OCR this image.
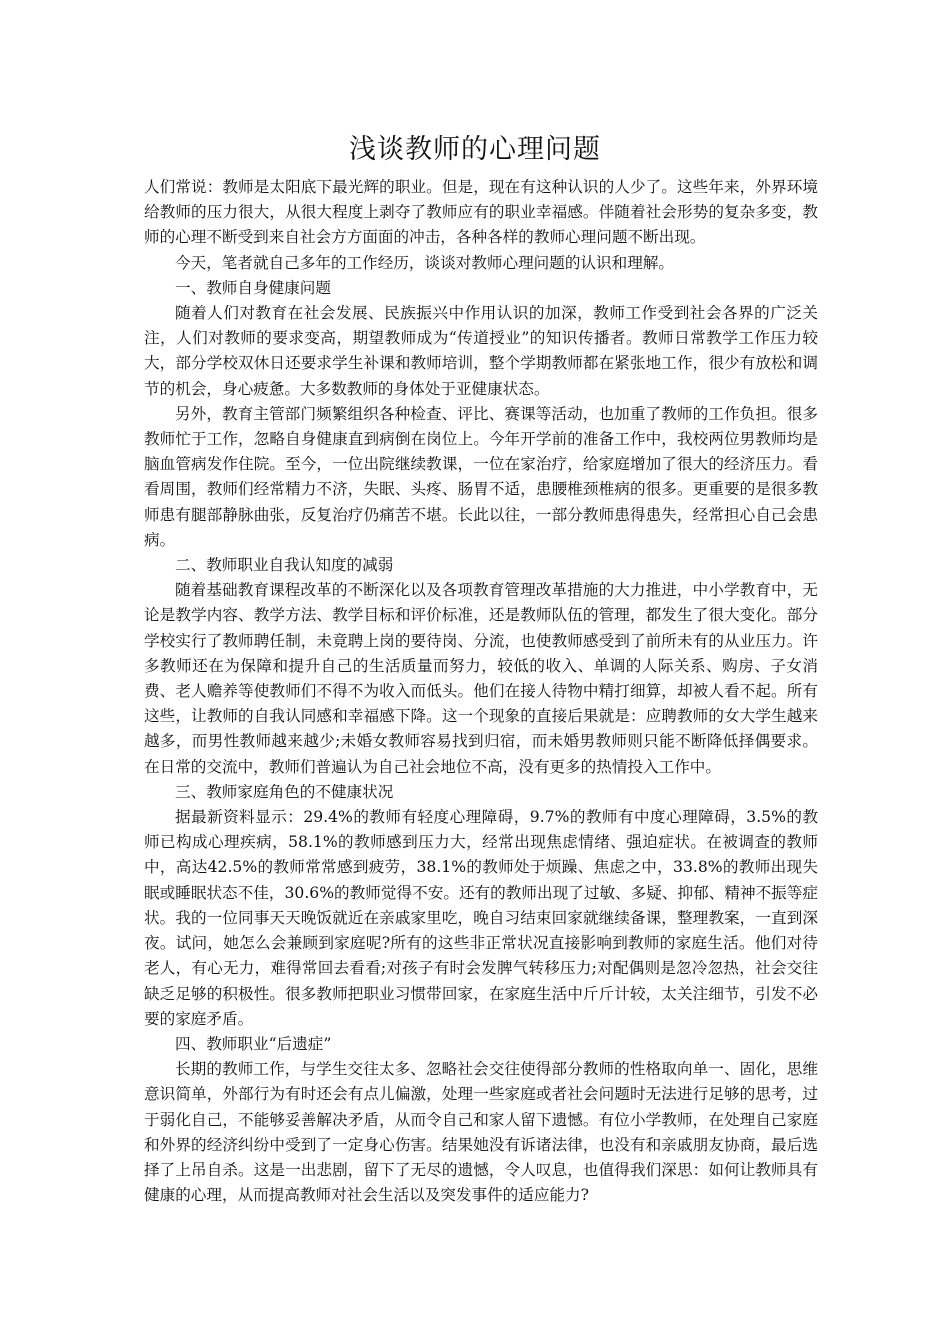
浅谈教师的心理问题

人们常说：教师是太阳底下最光辉的职业。但是，现在有这种认识的人少了。这些年来，外界环境给教师的压力很大，从很大程度上剥夺了教师应有的职业幸福感。伴随着社会形势的复杂多变，教师的心理不断受到来自社会方方面面的冲击，各种各样的教师心理问题不断出现。

今天，笔者就自己多年的工作经历，谈谈对教师心理问题的认识和理解。

一、教师自身健康问题

随着人们对教育在社会发展、民族振兴中作用认识的加深，教师工作受到社会各界的广泛关注，人们对教师的要求变高，期望教师成为“传道授业”的知识传播者。教师日常教学工作压力较大，部分学校双休日还要求学生补课和教师培训，整个学期教师都在紧张地工作，很少有放松和调节的机会，身心疲惫。大多数教师的身体处于亚健康状态。

另外，教育主管部门频繁组织各种检查、评比、赛课等活动，也加重了教师的工作负担。很多教师忙于工作，忽略自身健康直到病倒在岗位上。今年开学前的准备工作中，我校两位男教师均是脑血管病发作住院。至今，一位出院继续教课，一位在家治疗，给家庭增加了很大的经济压力。看看周围，教师们经常精力不济，失眠、头疼、肠胃不适，患腰椎颈椎病的很多。更重要的是很多教师患有腿部静脉曲张，反复治疗仍痛苦不堪。长此以往，一部分教师患得患失，经常担心自己会患病。

二、教师职业自我认知度的减弱

随着基础教育课程改革的不断深化以及各项教育管理改革措施的大力推进，中小学教育中，无论是教学内容、教学方法、教学目标和评价标准，还是教师队伍的管理，都发生了很大变化。部分学校实行了教师聘任制，未竟聘上岗的要待岗、分流，也使教师感受到了前所未有的从业压力。许多教师还在为保障和提升自己的生活质量而努力，较低的收入、单调的人际关系、购房、子女消费、老人赡养等使教师们不得不为收入而低头。他们在接人待物中精打细算，却被人看不起。所有这些，让教师的自我认同感和幸福感下降。这一个现象的直接后果就是：应聘教师的女大学生越来越多，而男性教师越来越少;未婚女教师容易找到归宿，而未婚男教师则只能不断降低择偶要求。在日常的交流中，教师们普遍认为自己社会地位不高，没有更多的热情投入工作中。

三、教师家庭角色的不健康状况

据最新资料显示：29.4%的教师有轻度心理障碍，9.7%的教师有中度心理障碍，3.5%的教师已构成心理疾病，58.1%的教师感到压力大，经常出现焦虑情绪、强迫症状。在被调查的教师中，高达42.5%的教师常常感到疲劳，38.1%的教师处于烦躁、焦虑之中，33.8%的教师出现失眠或睡眠状态不佳，30.6%的教师觉得不安。还有的教师出现了过敏、多疑、抑郁、精神不振等症状。我的一位同事天天晚饭就近在亲戚家里吃，晚自习结束回家就继续备课，整理教案，一直到深夜。试问，她怎么会兼顾到家庭呢?所有的这些非正常状况直接影响到教师的家庭生活。他们对待老人，有心无力，难得常回去看看;对孩子有时会发脾气转移压力;对配偶则是忽冷忽热，社会交往缺乏足够的积极性。很多教师把职业习惯带回家，在家庭生活中斤斤计较，太关注细节，引发不必要的家庭矛盾。

四、教师职业“后遗症”

长期的教师工作，与学生交往太多、忽略社会交往使得部分教师的性格取向单一、固化，思维意识简单，外部行为有时还会有点儿偏激，处理一些家庭或者社会问题时无法进行足够的思考，过于弱化自己，不能够妥善解决矛盾，从而令自己和家人留下遗憾。有位小学教师，在处理自己家庭和外界的经济纠纷中受到了一定身心伤害。结果她没有诉诸法律，也没有和亲戚朋友协商，最后选择了上吊自杀。这是一出悲剧，留下了无尽的遗憾，令人叹息，也值得我们深思：如何让教师具有健康的心理，从而提高教师对社会生活以及突发事件的适应能力?
